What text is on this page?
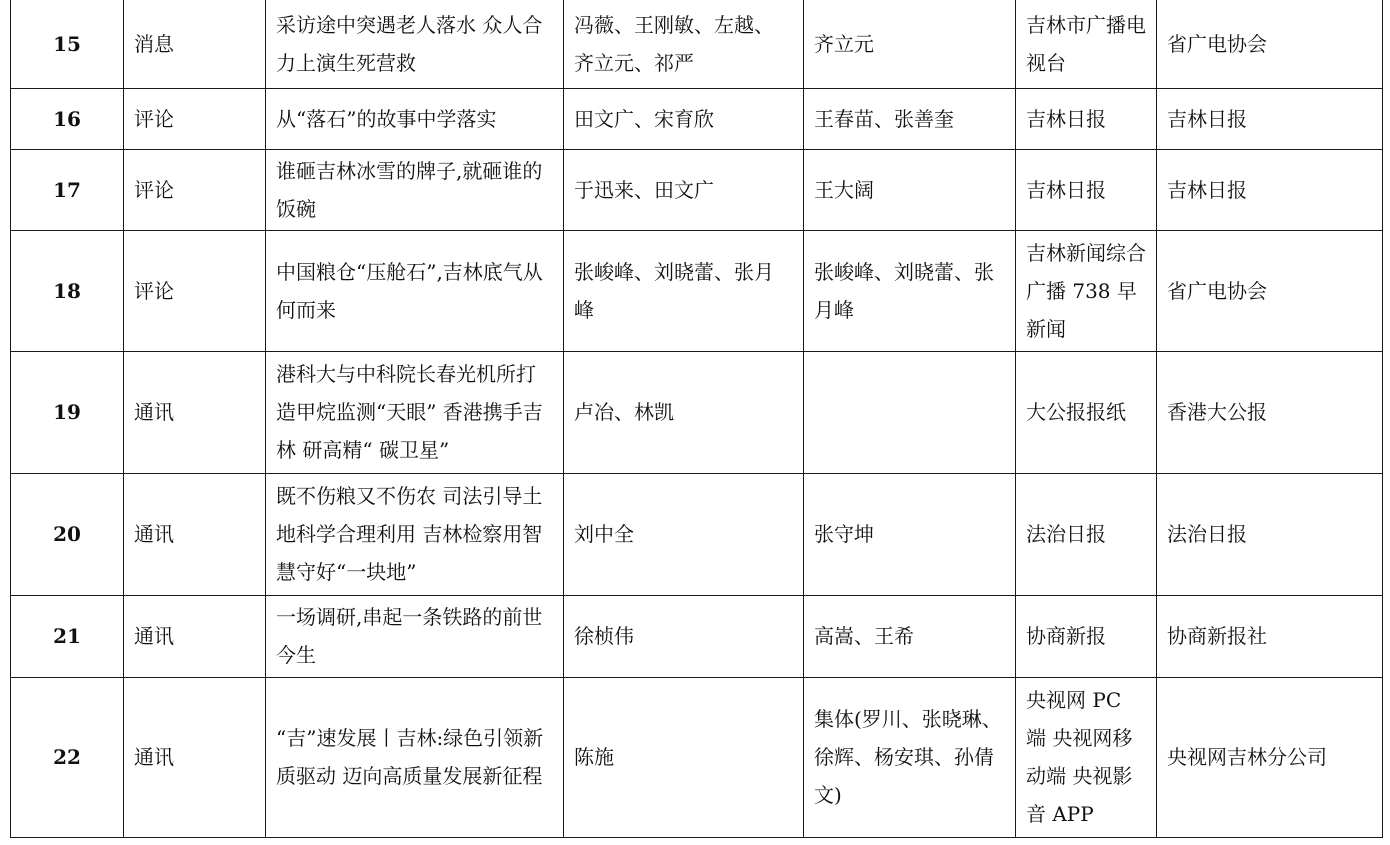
15	消息	采访途中突遇老人落水 众人合力上演生死营救	冯薇、王刚敏、左越、齐立元、祁严	齐立元	吉林市广播电视台	省广电协会
16	评论	从“落石”的故事中学落实	田文广、宋育欣	王春苗、张善奎	吉林日报	吉林日报
17	评论	谁砸吉林冰雪的牌子,就砸谁的饭碗	于迅来、田文广	王大阔	吉林日报	吉林日报
18	评论	中国粮仓“压舱石”,吉林底气从何而来	张峻峰、刘晓蕾、张月峰	张峻峰、刘晓蕾、张月峰	吉林新闻综合广播 738 早新闻	省广电协会
19	通讯	港科大与中科院长春光机所打造甲烷监测“天眼” 香港携手吉林 研高精“ 碳卫星”	卢冶、林凯		大公报报纸	香港大公报
20	通讯	既不伤粮又不伤农 司法引导土地科学合理利用 吉林检察用智慧守好“一块地”	刘中全	张守坤	法治日报	法治日报
21	通讯	一场调研,串起一条铁路的前世今生	徐桢伟	高嵩、王希	协商新报	协商新报社
22	通讯	“吉”速发展丨吉林:绿色引领新质驱动 迈向高质量发展新征程	陈施	集体(罗川、张晓琳、徐辉、杨安琪、孙倩文)	央视网 PC 端 央视网移动端 央视影音 APP	央视网吉林分公司
